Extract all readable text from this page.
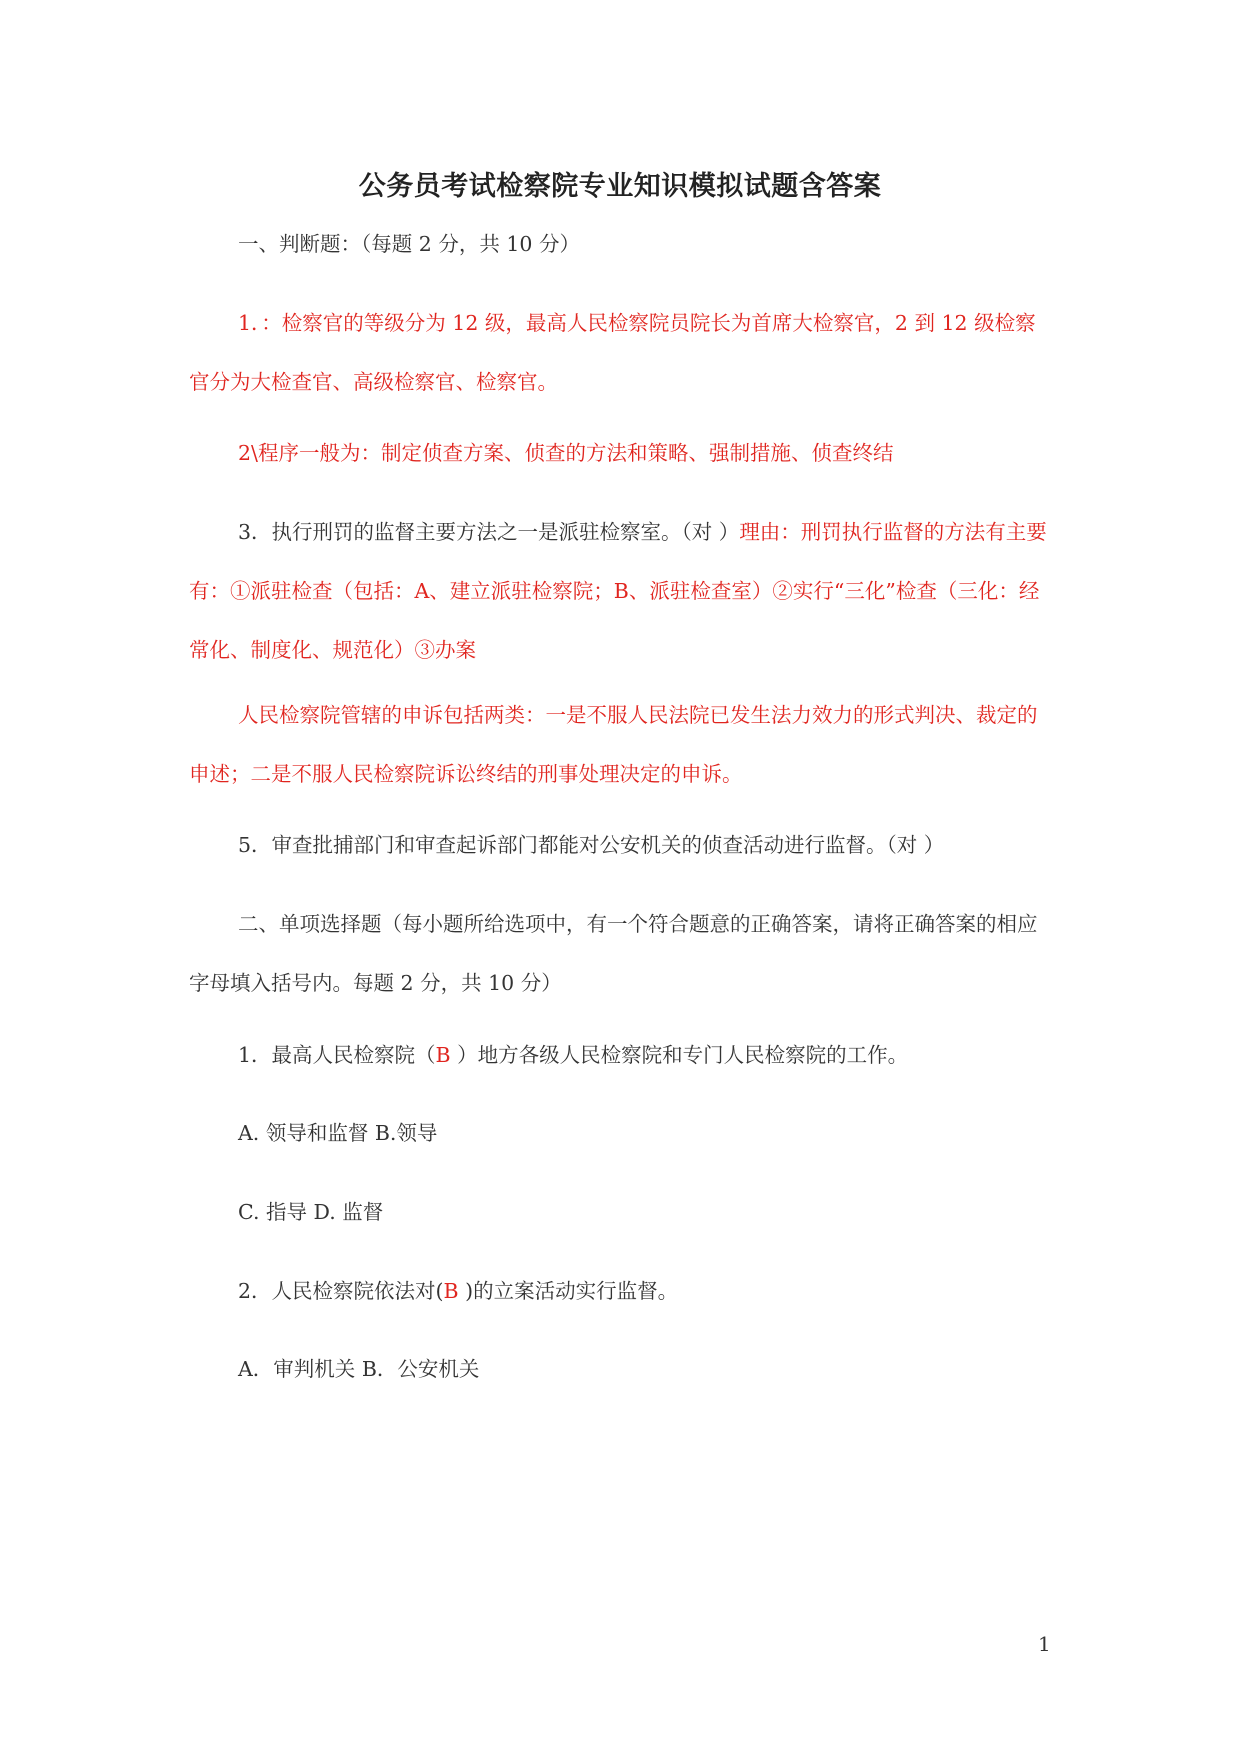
公务员考试检察院专业知识模拟试题含答案

一、判断题：（每题 2 分，共 10 分）

1．：检察官的等级分为 12 级，最高人民检察院员院长为首席大检察官，2 到 12 级检察官分为大检查官、高级检察官、检察官。

2\程序一般为：制定侦查方案、侦查的方法和策略、强制措施、侦查终结

3．执行刑罚的监督主要方法之一是派驻检察室。（对 ）理由：刑罚执行监督的方法有主要有：①派驻检查（包括：A、建立派驻检察院；B、派驻检查室）②实行“三化”检查（三化：经常化、制度化、规范化）③办案

人民检察院管辖的申诉包括两类：一是不服人民法院已发生法力效力的形式判决、裁定的申述；二是不服人民检察院诉讼终结的刑事处理决定的申诉。

5．审查批捕部门和审查起诉部门都能对公安机关的侦查活动进行监督。（对 ）

二、单项选择题（每小题所给选项中，有一个符合题意的正确答案，请将正确答案的相应字母填入括号内。每题 2 分，共 10 分）

1．最高人民检察院（B ）地方各级人民检察院和专门人民检察院的工作。

A. 领导和监督 B.领导

C. 指导 D. 监督

2．人民检察院依法对(B )的立案活动实行监督。

A．审判机关 B．公安机关

1
